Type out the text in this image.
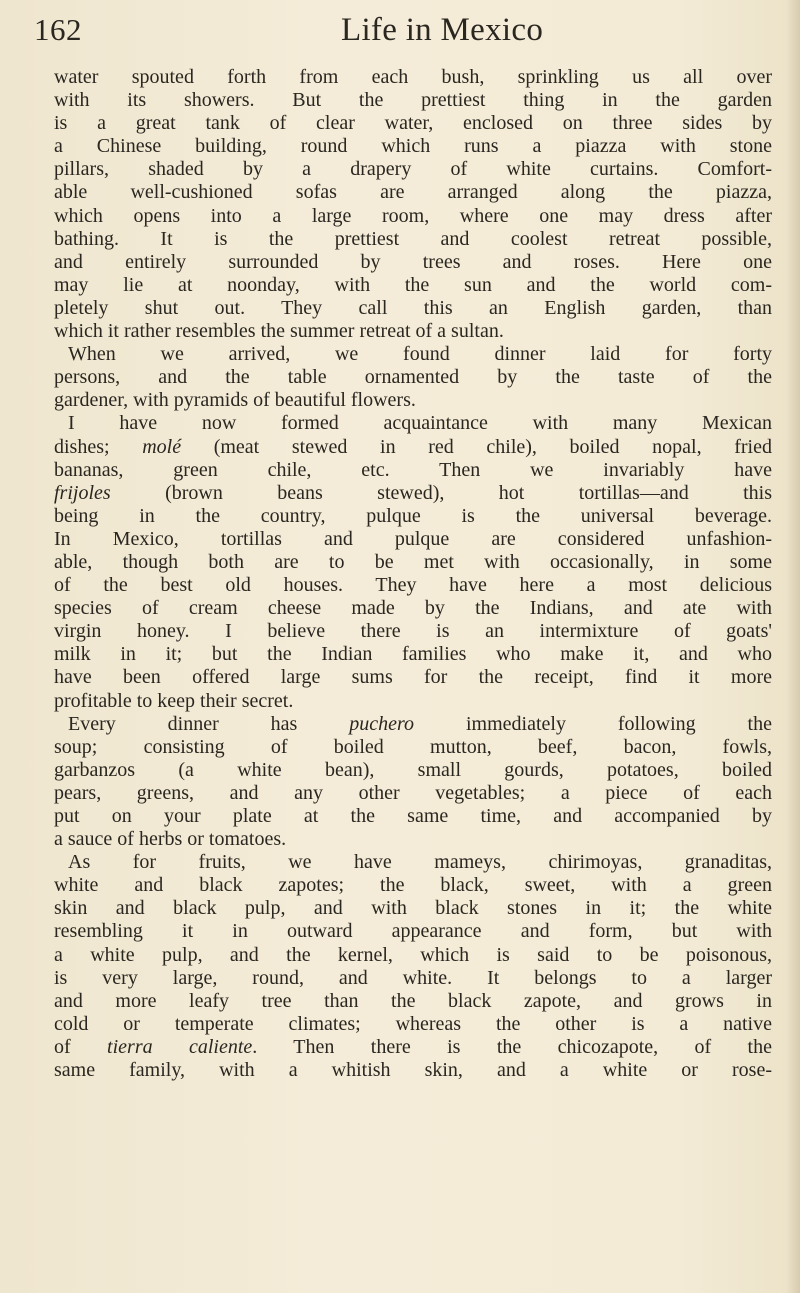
162	Life in Mexico
water spouted forth from each bush, sprinkling us all over
with its showers. But the prettiest thing in the garden
is a great tank of clear water, enclosed on three sides by
a Chinese building, round which runs a piazza with stone
pillars, shaded by a drapery of white curtains. Comfort-
able well-cushioned sofas are arranged along the piazza,
which opens into a large room, where one may dress after
bathing. It is the prettiest and coolest retreat possible,
and entirely surrounded by trees and roses. Here one
may lie at noonday, with the sun and the world com-
pletely shut out. They call this an English garden, than
which it rather resembles the summer retreat of a sultan.
When we arrived, we found dinner laid for forty
persons, and the table ornamented by the taste of the
gardener, with pyramids of beautiful flowers.
I have now formed acquaintance with many Mexican
dishes; molé (meat stewed in red chile), boiled nopal, fried
bananas, green chile, etc. Then we invariably have
frijoles (brown beans stewed), hot tortillas—and this
being in the country, pulque is the universal beverage.
In Mexico, tortillas and pulque are considered unfashion-
able, though both are to be met with occasionally, in some
of the best old houses. They have here a most delicious
species of cream cheese made by the Indians, and ate with
virgin honey. I believe there is an intermixture of goats'
milk in it; but the Indian families who make it, and who
have been offered large sums for the receipt, find it more
profitable to keep their secret.
Every dinner has puchero immediately following the
soup; consisting of boiled mutton, beef, bacon, fowls,
garbanzos (a white bean), small gourds, potatoes, boiled
pears, greens, and any other vegetables; a piece of each
put on your plate at the same time, and accompanied by
a sauce of herbs or tomatoes.
As for fruits, we have mameys, chirimoyas, granaditas,
white and black zapotes; the black, sweet, with a green
skin and black pulp, and with black stones in it; the white
resembling it in outward appearance and form, but with
a white pulp, and the kernel, which is said to be poisonous,
is very large, round, and white. It belongs to a larger
and more leafy tree than the black zapote, and grows in
cold or temperate climates; whereas the other is a native
of tierra caliente. Then there is the chicozapote, of the
same family, with a whitish skin, and a white or rose-
